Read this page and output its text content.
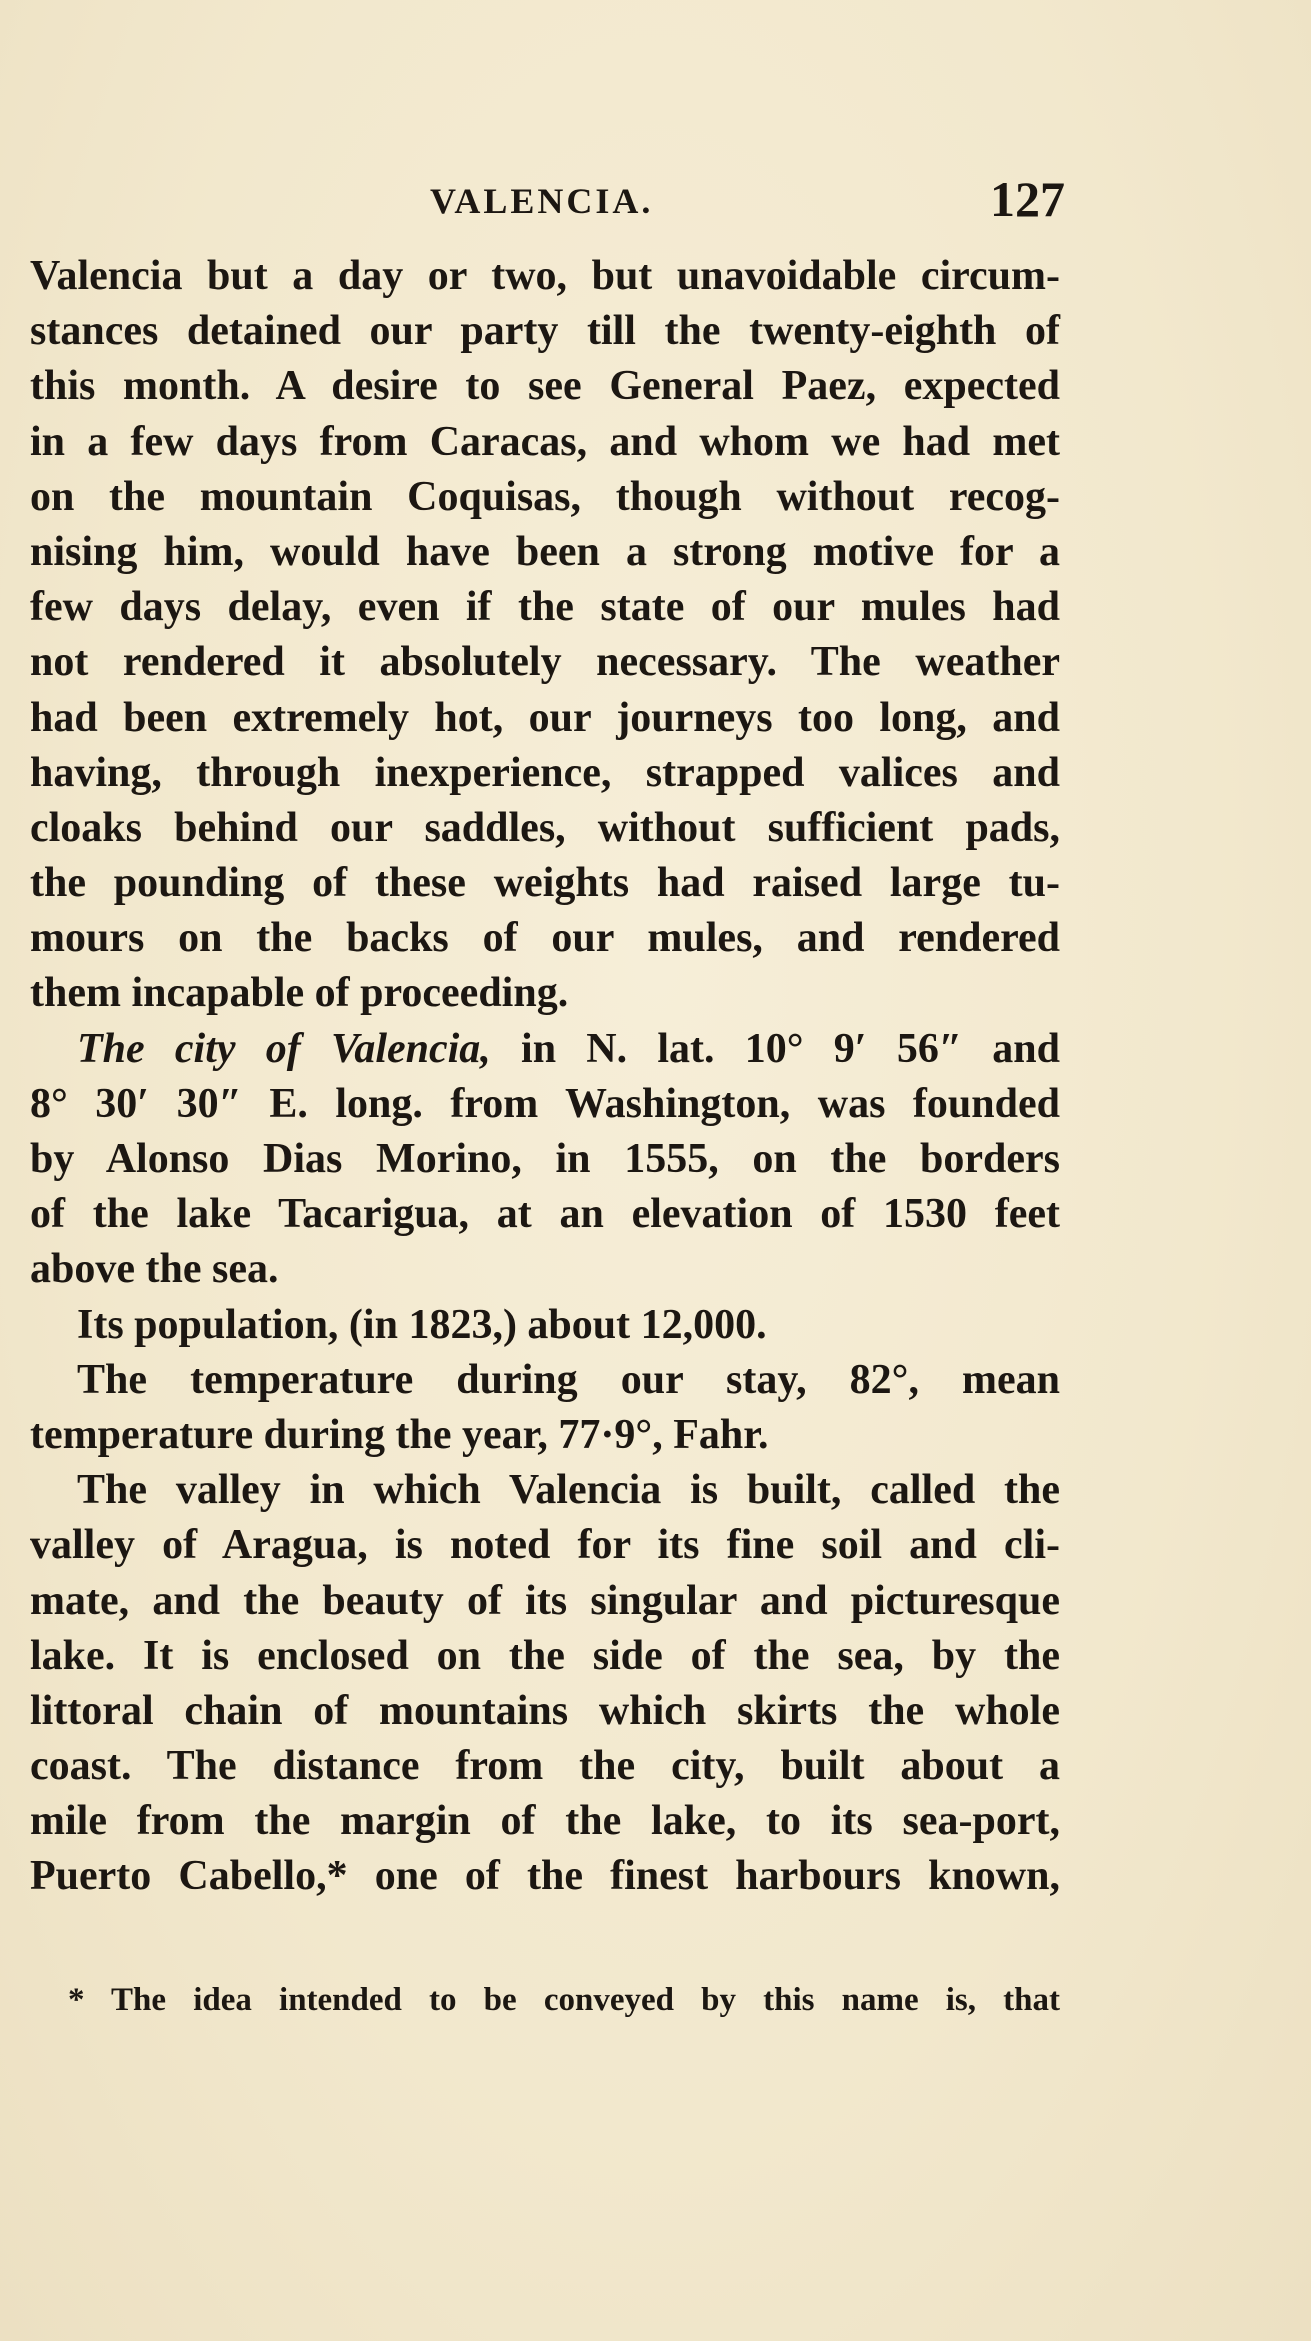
VALENCIA.	127
Valencia but a day or two, but unavoidable circum-
stances detained our party till the twenty-eighth of
this month. A desire to see General Paez, expected
in a few days from Caracas, and whom we had met
on the mountain Coquisas, though without recog-
nising him, would have been a strong motive for a
few days delay, even if the state of our mules had
not rendered it absolutely necessary. The weather
had been extremely hot, our journeys too long, and
having, through inexperience, strapped valices and
cloaks behind our saddles, without sufficient pads,
the pounding of these weights had raised large tu-
mours on the backs of our mules, and rendered
them incapable of proceeding.
The city of Valencia, in N. lat. 10° 9′ 56″ and
8° 30′ 30″ E. long. from Washington, was founded
by Alonso Dias Morino, in 1555, on the borders
of the lake Tacarigua, at an elevation of 1530 feet
above the sea.
Its population, (in 1823,) about 12,000.
The temperature during our stay, 82°, mean
temperature during the year, 77·9°, Fahr.
The valley in which Valencia is built, called the
valley of Aragua, is noted for its fine soil and cli-
mate, and the beauty of its singular and picturesque
lake. It is enclosed on the side of the sea, by the
littoral chain of mountains which skirts the whole
coast. The distance from the city, built about a
mile from the margin of the lake, to its sea-port,
Puerto Cabello,* one of the finest harbours known,
* The idea intended to be conveyed by this name is, that
